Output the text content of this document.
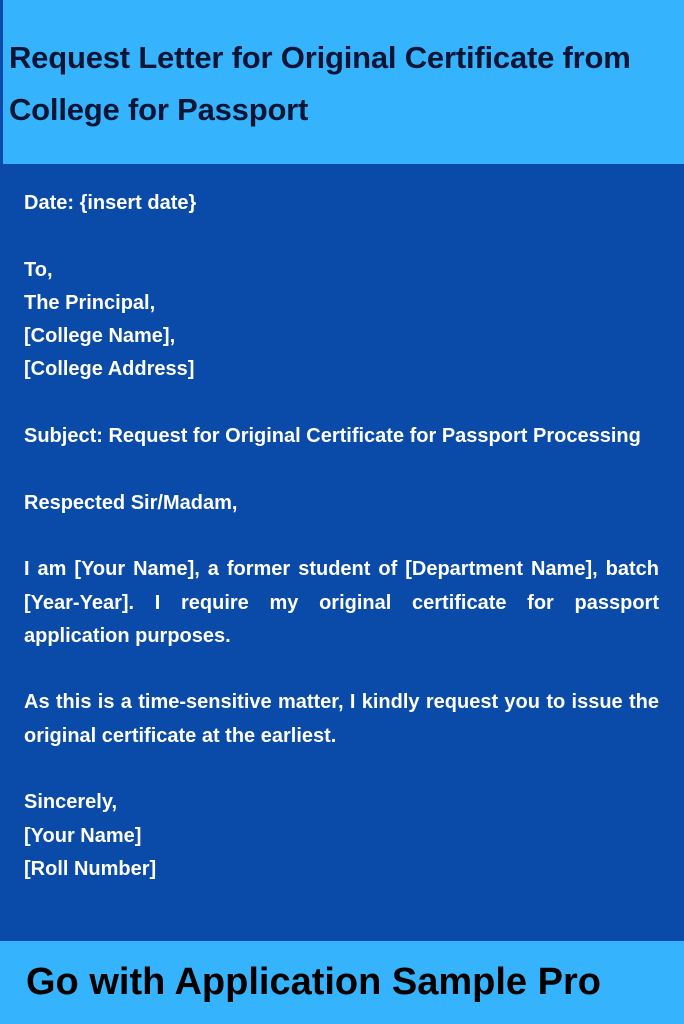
Request Letter for Original Certificate from College for Passport

Date: {insert date}

To,
The Principal,
[College Name],
[College Address]

Subject: Request for Original Certificate for Passport Processing

Respected Sir/Madam,

I am [Your Name], a former student of [Department Name], batch [Year-Year]. I require my original certificate for passport application purposes.

As this is a time-sensitive matter, I kindly request you to issue the original certificate at the earliest.

Sincerely,
[Your Name]
[Roll Number]

Go with Application Sample Pro
